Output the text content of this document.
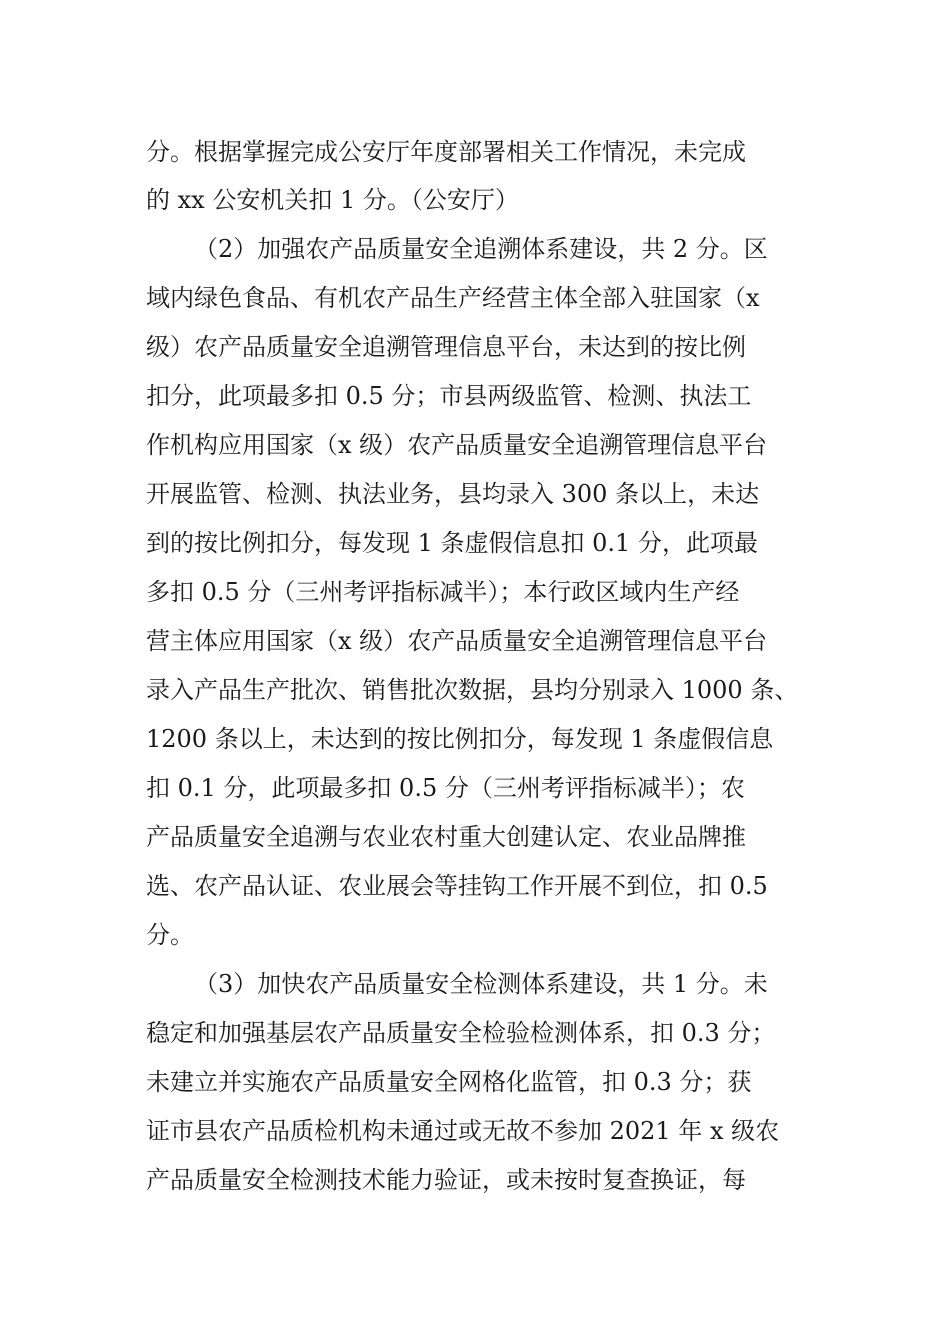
分。根据掌握完成公安厅年度部署相关工作情况，未完成
的 xx 公安机关扣 1 分。（公安厅）
（2）加强农产品质量安全追溯体系建设，共 2 分。区
域内绿色食品、有机农产品生产经营主体全部入驻国家（x
级）农产品质量安全追溯管理信息平台，未达到的按比例
扣分，此项最多扣 0.5 分；市县两级监管、检测、执法工
作机构应用国家（x 级）农产品质量安全追溯管理信息平台
开展监管、检测、执法业务，县均录入 300 条以上，未达
到的按比例扣分，每发现 1 条虚假信息扣 0.1 分，此项最
多扣 0.5 分（三州考评指标减半）；本行政区域内生产经
营主体应用国家（x 级）农产品质量安全追溯管理信息平台
录入产品生产批次、销售批次数据，县均分别录入 1000 条、
1200 条以上，未达到的按比例扣分，每发现 1 条虚假信息
扣 0.1 分，此项最多扣 0.5 分（三州考评指标减半）；农
产品质量安全追溯与农业农村重大创建认定、农业品牌推
选、农产品认证、农业展会等挂钩工作开展不到位，扣 0.5
分。
（3）加快农产品质量安全检测体系建设，共 1 分。未
稳定和加强基层农产品质量安全检验检测体系，扣 0.3 分；
未建立并实施农产品质量安全网格化监管，扣 0.3 分；获
证市县农产品质检机构未通过或无故不参加 2021 年 x 级农
产品质量安全检测技术能力验证，或未按时复查换证，每
